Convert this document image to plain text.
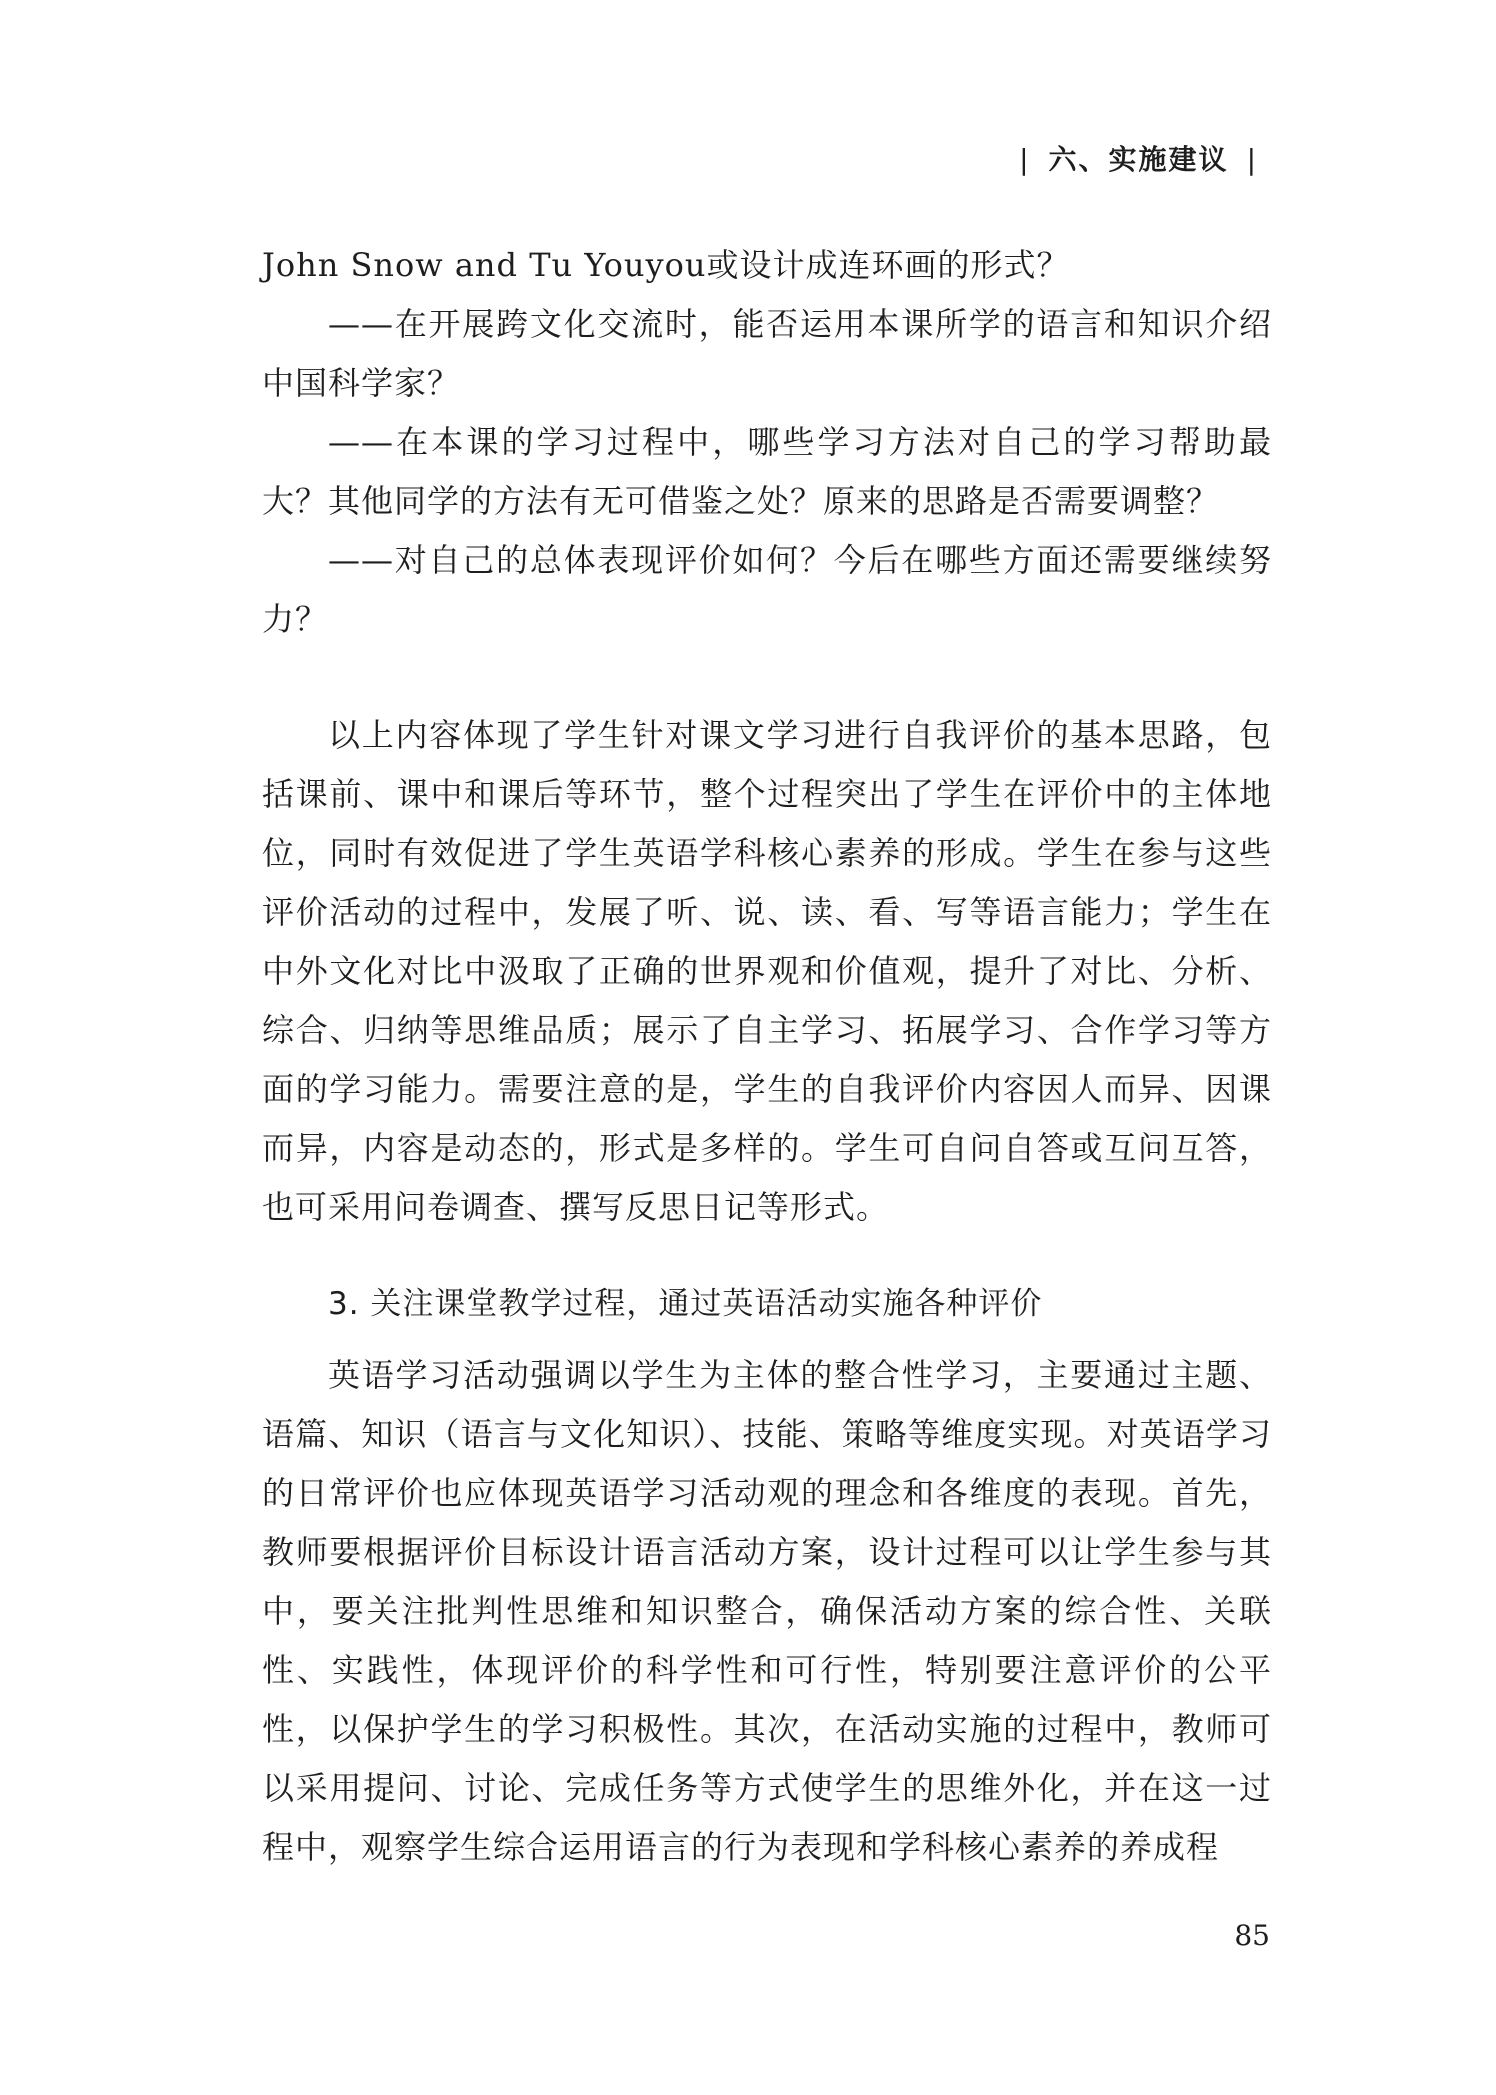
| 六、实施建议 |

John Snow and Tu Youyou或设计成连环画的形式？

——在开展跨文化交流时，能否运用本课所学的语言和知识介绍中国科学家？

——在本课的学习过程中，哪些学习方法对自己的学习帮助最大？其他同学的方法有无可借鉴之处？原来的思路是否需要调整？

——对自己的总体表现评价如何？今后在哪些方面还需要继续努力？

以上内容体现了学生针对课文学习进行自我评价的基本思路，包括课前、课中和课后等环节，整个过程突出了学生在评价中的主体地位，同时有效促进了学生英语学科核心素养的形成。学生在参与这些评价活动的过程中，发展了听、说、读、看、写等语言能力；学生在中外文化对比中汲取了正确的世界观和价值观，提升了对比、分析、综合、归纳等思维品质；展示了自主学习、拓展学习、合作学习等方面的学习能力。需要注意的是，学生的自我评价内容因人而异、因课而异，内容是动态的，形式是多样的。学生可自问自答或互问互答，也可采用问卷调查、撰写反思日记等形式。

3. 关注课堂教学过程，通过英语活动实施各种评价

英语学习活动强调以学生为主体的整合性学习，主要通过主题、语篇、知识（语言与文化知识）、技能、策略等维度实现。对英语学习的日常评价也应体现英语学习活动观的理念和各维度的表现。首先，教师要根据评价目标设计语言活动方案，设计过程可以让学生参与其中，要关注批判性思维和知识整合，确保活动方案的综合性、关联性、实践性，体现评价的科学性和可行性，特别要注意评价的公平性，以保护学生的学习积极性。其次，在活动实施的过程中，教师可以采用提问、讨论、完成任务等方式使学生的思维外化，并在这一过程中，观察学生综合运用语言的行为表现和学科核心素养的养成程

85
